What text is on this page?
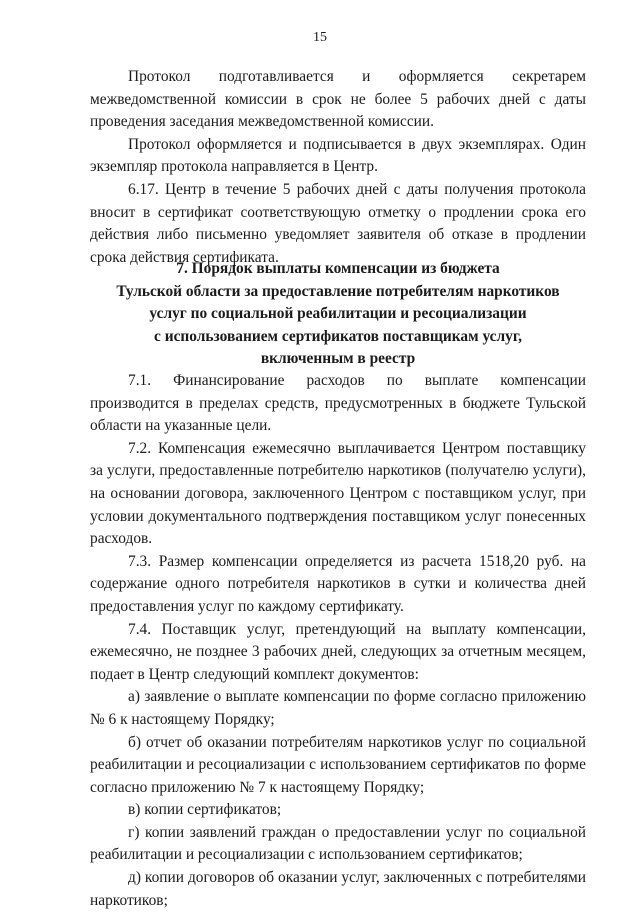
15

Протокол подготавливается и оформляется секретарем межведомственной комиссии в срок не более 5 рабочих дней с даты проведения заседания межведомственной комиссии.

Протокол оформляется и подписывается в двух экземплярах. Один экземпляр протокола направляется в Центр.

6.17. Центр в течение 5 рабочих дней с даты получения протокола вносит в сертификат соответствующую отметку о продлении срока его действия либо письменно уведомляет заявителя об отказе в продлении срока действия сертификата.

7. Порядок выплаты компенсации из бюджета
Тульской области за предоставление потребителям наркотиков
услуг по социальной реабилитации и ресоциализации
с использованием сертификатов поставщикам услуг,
включенным в реестр

7.1. Финансирование расходов по выплате компенсации производится в пределах средств, предусмотренных в бюджете Тульской области на указанные цели.

7.2. Компенсация ежемесячно выплачивается Центром поставщику за услуги, предоставленные потребителю наркотиков (получателю услуги), на основании договора, заключенного Центром с поставщиком услуг, при условии документального подтверждения поставщиком услуг понесенных расходов.

7.3. Размер компенсации определяется из расчета 1518,20 руб. на содержание одного потребителя наркотиков в сутки и количества дней предоставления услуг по каждому сертификату.

7.4. Поставщик услуг, претендующий на выплату компенсации, ежемесячно, не позднее 3 рабочих дней, следующих за отчетным месяцем, подает в Центр следующий комплект документов:

а) заявление о выплате компенсации по форме согласно приложению № 6 к настоящему Порядку;

б) отчет об оказании потребителям наркотиков услуг по социальной реабилитации и ресоциализации с использованием сертификатов по форме согласно приложению № 7 к настоящему Порядку;

в) копии сертификатов;

г) копии заявлений граждан о предоставлении услуг по социальной реабилитации и ресоциализации с использованием сертификатов;

д) копии договоров об оказании услуг, заключенных с потребителями наркотиков;
